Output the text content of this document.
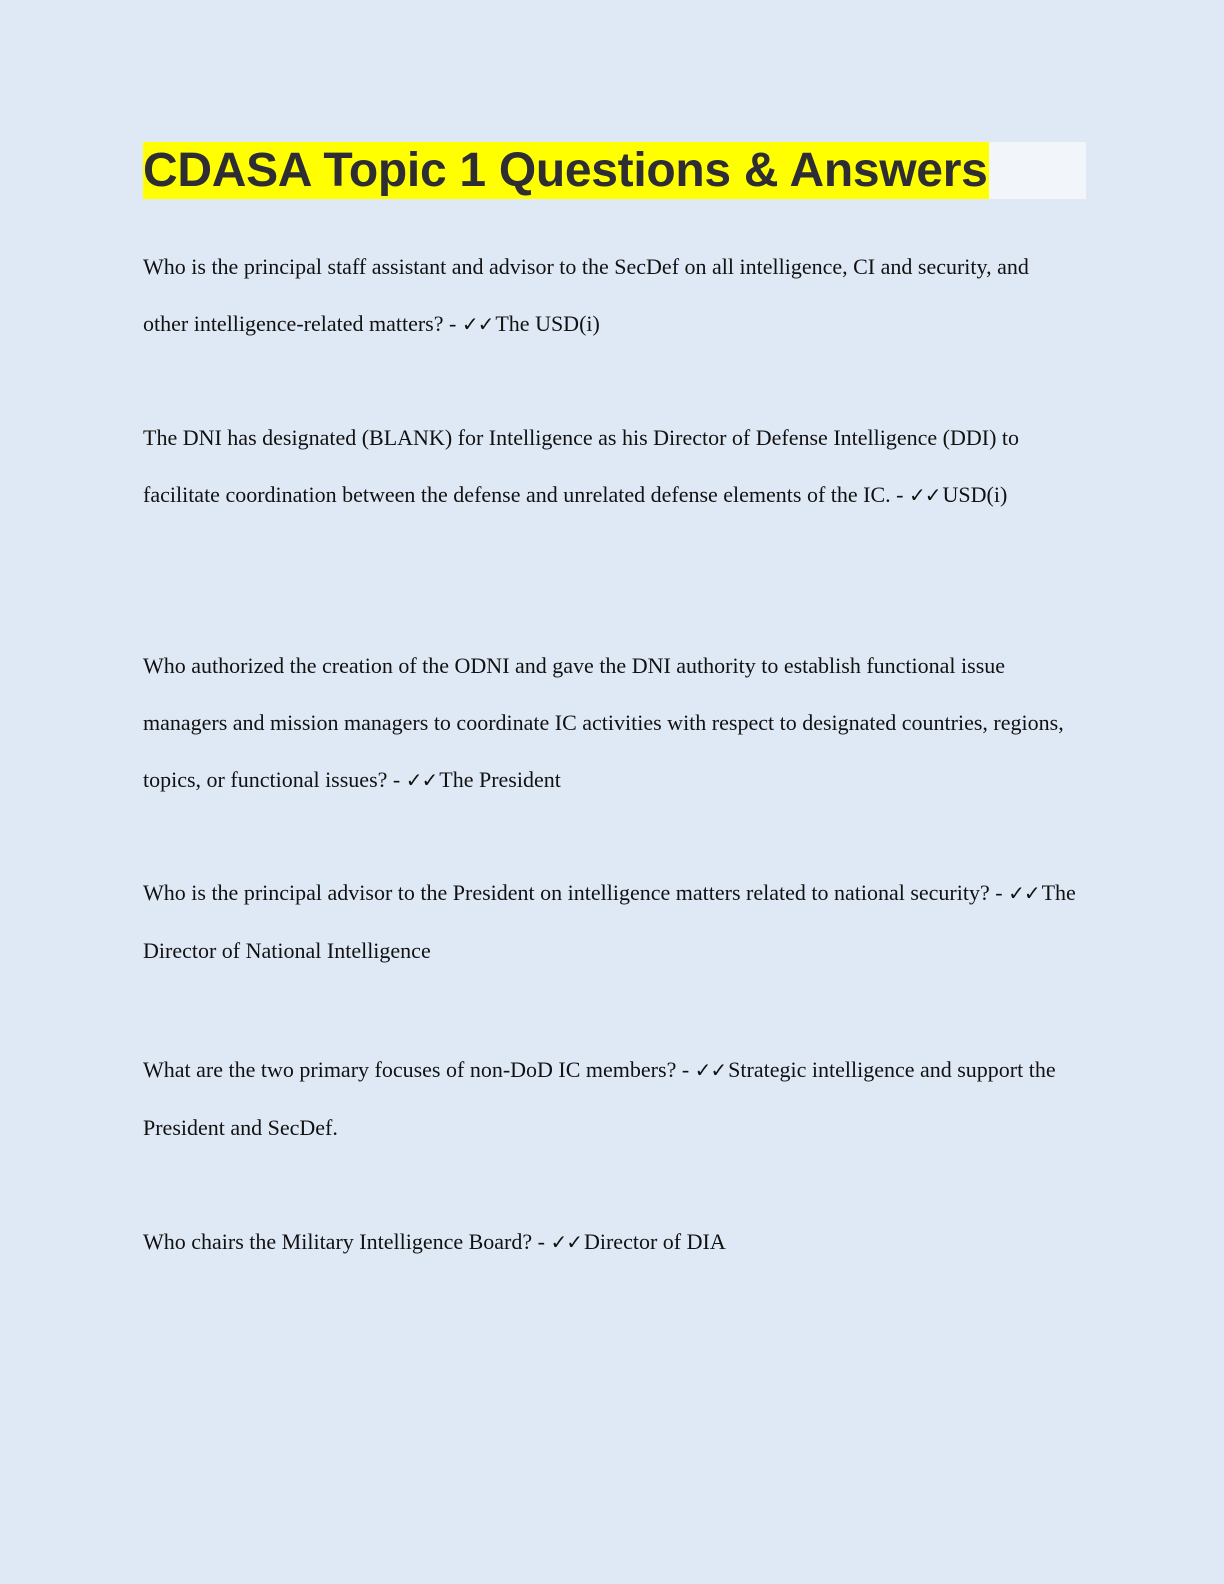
CDASA Topic 1 Questions & Answers

Who is the principal staff assistant and advisor to the SecDef on all intelligence, CI and security, and other intelligence-related matters? - ✓✓The USD(i)

The DNI has designated (BLANK) for Intelligence as his Director of Defense Intelligence (DDI) to facilitate coordination between the defense and unrelated defense elements of the IC. - ✓✓USD(i)

Who authorized the creation of the ODNI and gave the DNI authority to establish functional issue managers and mission managers to coordinate IC activities with respect to designated countries, regions, topics, or functional issues? - ✓✓The President

Who is the principal advisor to the President on intelligence matters related to national security? - ✓✓The Director of National Intelligence

What are the two primary focuses of non-DoD IC members? - ✓✓Strategic intelligence and support the President and SecDef.

Who chairs the Military Intelligence Board? - ✓✓Director of DIA
